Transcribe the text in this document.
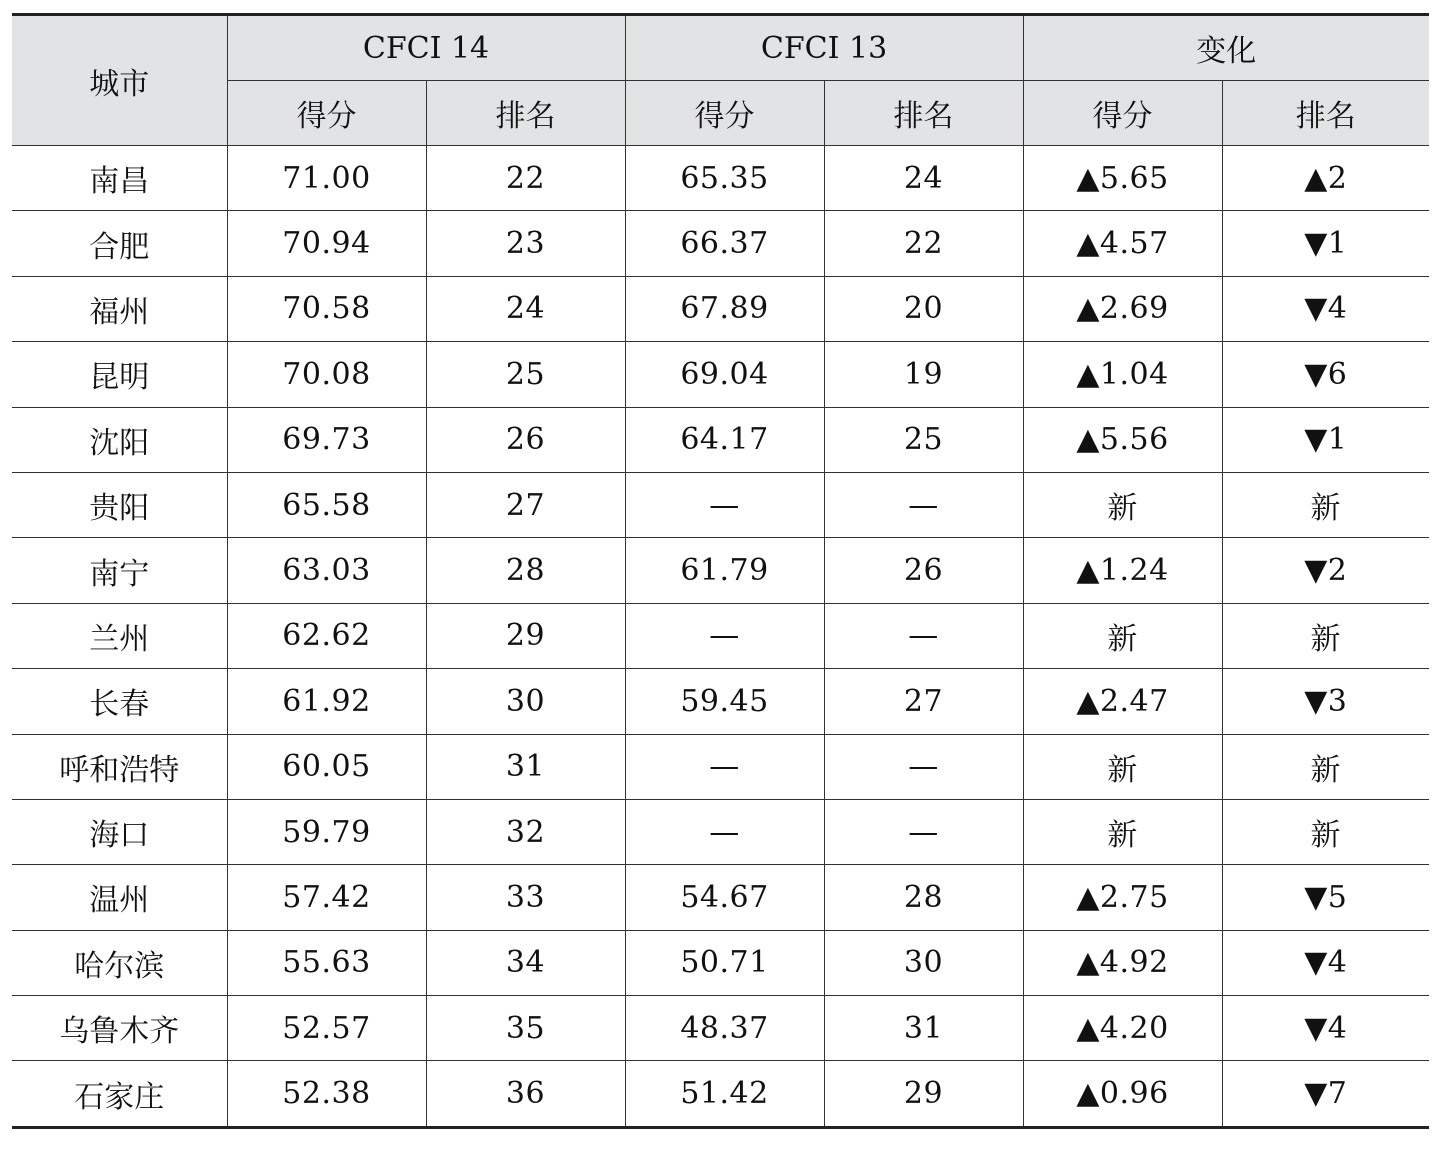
城市	CFCI 14		CFCI 13		变化	
	得分	排名	得分	排名	得分	排名
南昌	71.00	22	65.35	24	▲5.65	▲2
合肥	70.94	23	66.37	22	▲4.57	▼1
福州	70.58	24	67.89	20	▲2.69	▼4
昆明	70.08	25	69.04	19	▲1.04	▼6
沈阳	69.73	26	64.17	25	▲5.56	▼1
贵阳	65.58	27	—	—	新	新
南宁	63.03	28	61.79	26	▲1.24	▼2
兰州	62.62	29	—	—	新	新
长春	61.92	30	59.45	27	▲2.47	▼3
呼和浩特	60.05	31	—	—	新	新
海口	59.79	32	—	—	新	新
温州	57.42	33	54.67	28	▲2.75	▼5
哈尔滨	55.63	34	50.71	30	▲4.92	▼4
乌鲁木齐	52.57	35	48.37	31	▲4.20	▼4
石家庄	52.38	36	51.42	29	▲0.96	▼7
